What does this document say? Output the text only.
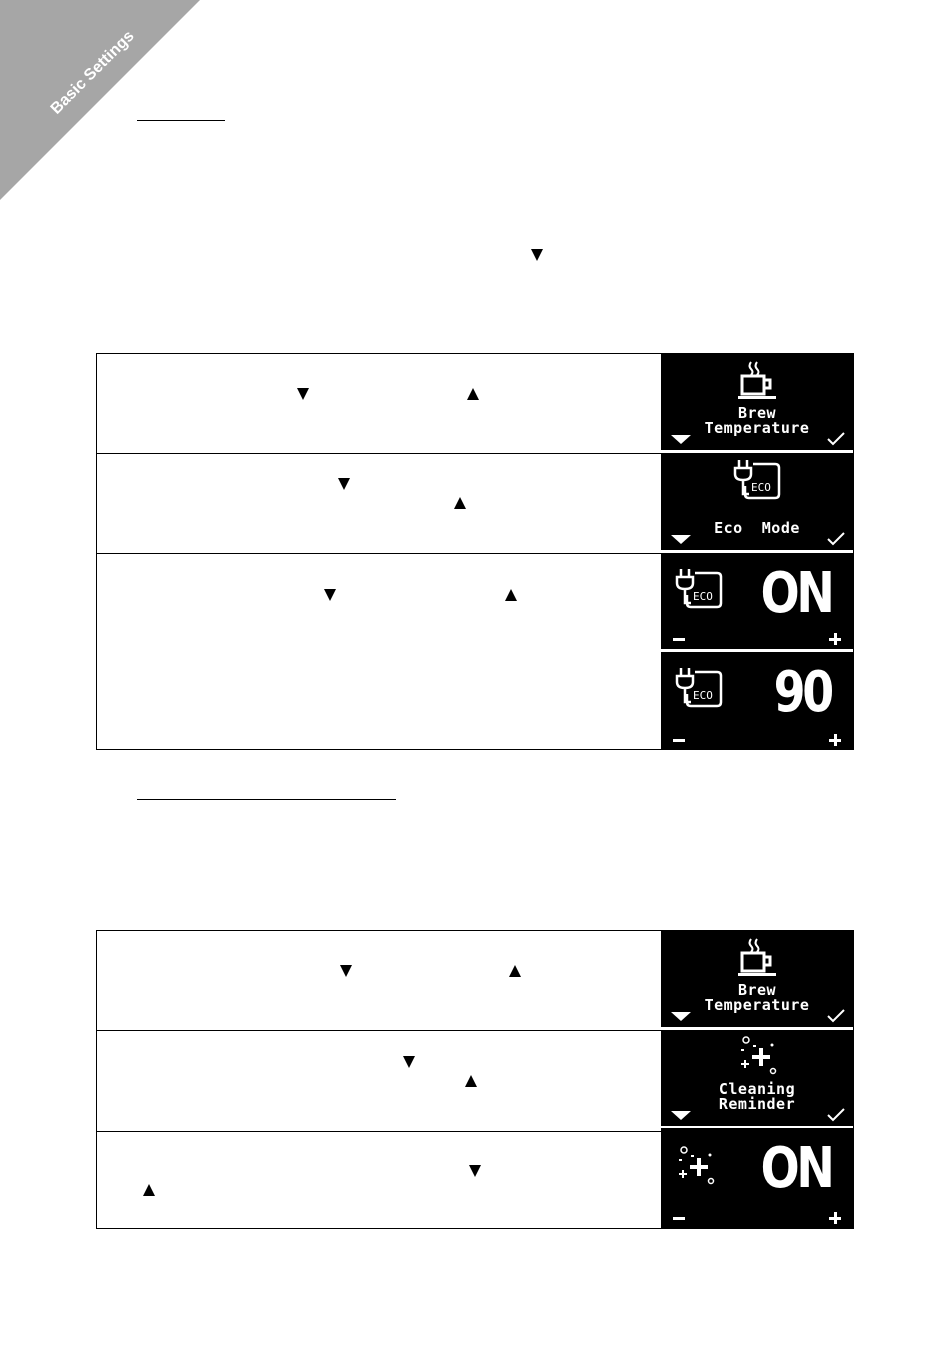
Basic Settings
Brew
Temperature
ECO
Eco  Mode
ECO ON
ECO 90
Brew
Temperature
Cleaning
Reminder
ON
